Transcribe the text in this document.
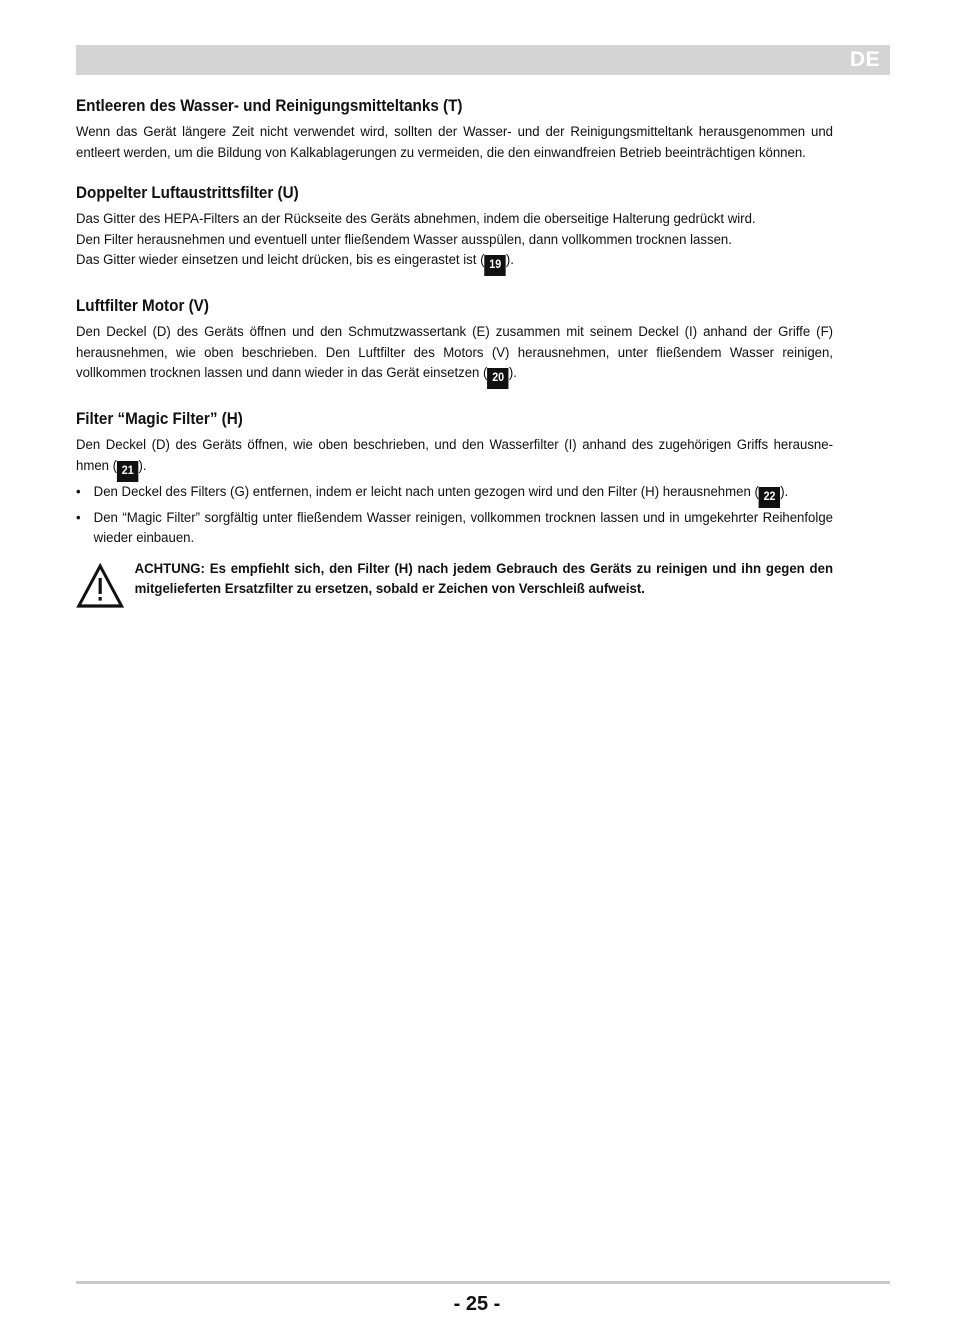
DE
Entleeren des Wasser- und Reinigungsmitteltanks (T)

Wenn das Gerät längere Zeit nicht verwendet wird, sollten der Wasser- und der Reinigungsmitteltank herausgenommen und entleert werden, um die Bildung von Kalkablagerungen zu vermeiden, die den einwandfreien Betrieb beeinträchtigen können.

Doppelter Luftaustrittsfilter (U)

Das Gitter des HEPA-Filters an der Rückseite des Geräts abnehmen, indem die oberseitige Halterung gedrückt wird.

Den Filter herausnehmen und eventuell unter fließendem Wasser ausspülen, dann vollkommen trocknen lassen.

Das Gitter wieder einsetzen und leicht drücken, bis es eingerastet ist ( 19 ).

Luftfilter Motor (V)

Den Deckel (D) des Geräts öffnen und den Schmutzwassertank (E) zusammen mit seinem Deckel (I) anhand der Griffe (F) herausnehmen, wie oben beschrieben. Den Luftfilter des Motors (V) herausnehmen, unter fließendem Wasser reinigen, vollkommen trocknen lassen und dann wieder in das Gerät einsetzen ( 20 ).

Filter “Magic Filter” (H)

Den Deckel (D) des Geräts öffnen, wie oben beschrieben, und den Wasserfilter (I) anhand des zugehörigen Griffs herausne-hmen ( 21 ).

• Den Deckel des Filters (G) entfernen, indem er leicht nach unten gezogen wird und den Filter (H) herausnehmen ( 22 ).
• Den “Magic Filter” sorgfältig unter fließendem Wasser reinigen, vollkommen trocknen lassen und in umgekehrter Reihenfolge wieder einbauen.
ACHTUNG: Es empfiehlt sich, den Filter (H) nach jedem Gebrauch des Geräts zu reinigen und ihn gegen den mitgelieferten Ersatzfilter zu ersetzen, sobald er Zeichen von Verschleiß aufweist.
- 25 -
